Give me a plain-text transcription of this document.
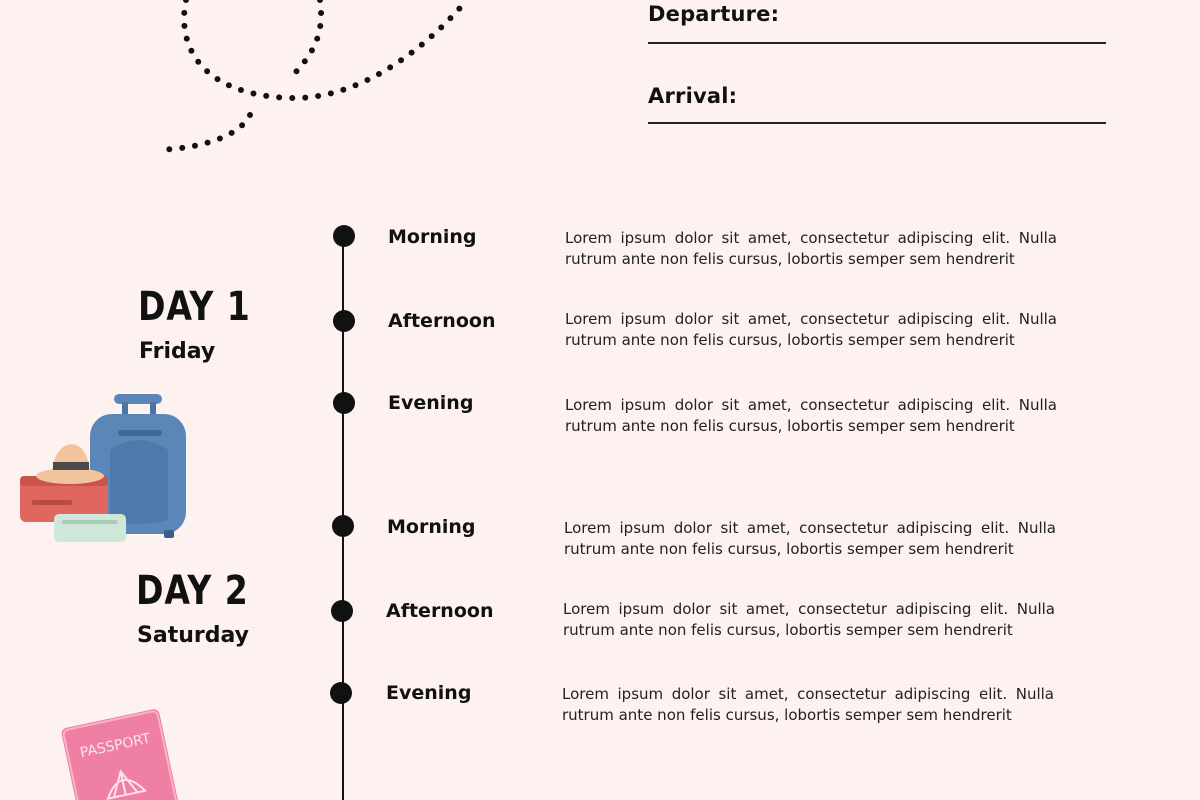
Departure:
Arrival:
DAY 1
Friday
DAY 2
Saturday
Morning	Lorem ipsum dolor sit amet, consectetur adipiscing elit. Nulla rutrum ante non felis cursus, lobortis semper sem hendrerit
Afternoon	Lorem ipsum dolor sit amet, consectetur adipiscing elit. Nulla rutrum ante non felis cursus, lobortis semper sem hendrerit
Evening	Lorem ipsum dolor sit amet, consectetur adipiscing elit. Nulla rutrum ante non felis cursus, lobortis semper sem hendrerit
Morning	Lorem ipsum dolor sit amet, consectetur adipiscing elit. Nulla rutrum ante non felis cursus, lobortis semper sem hendrerit
Afternoon	Lorem ipsum dolor sit amet, consectetur adipiscing elit. Nulla rutrum ante non felis cursus, lobortis semper sem hendrerit
Evening	Lorem ipsum dolor sit amet, consectetur adipiscing elit. Nulla rutrum ante non felis cursus, lobortis semper sem hendrerit
PASSPORT
